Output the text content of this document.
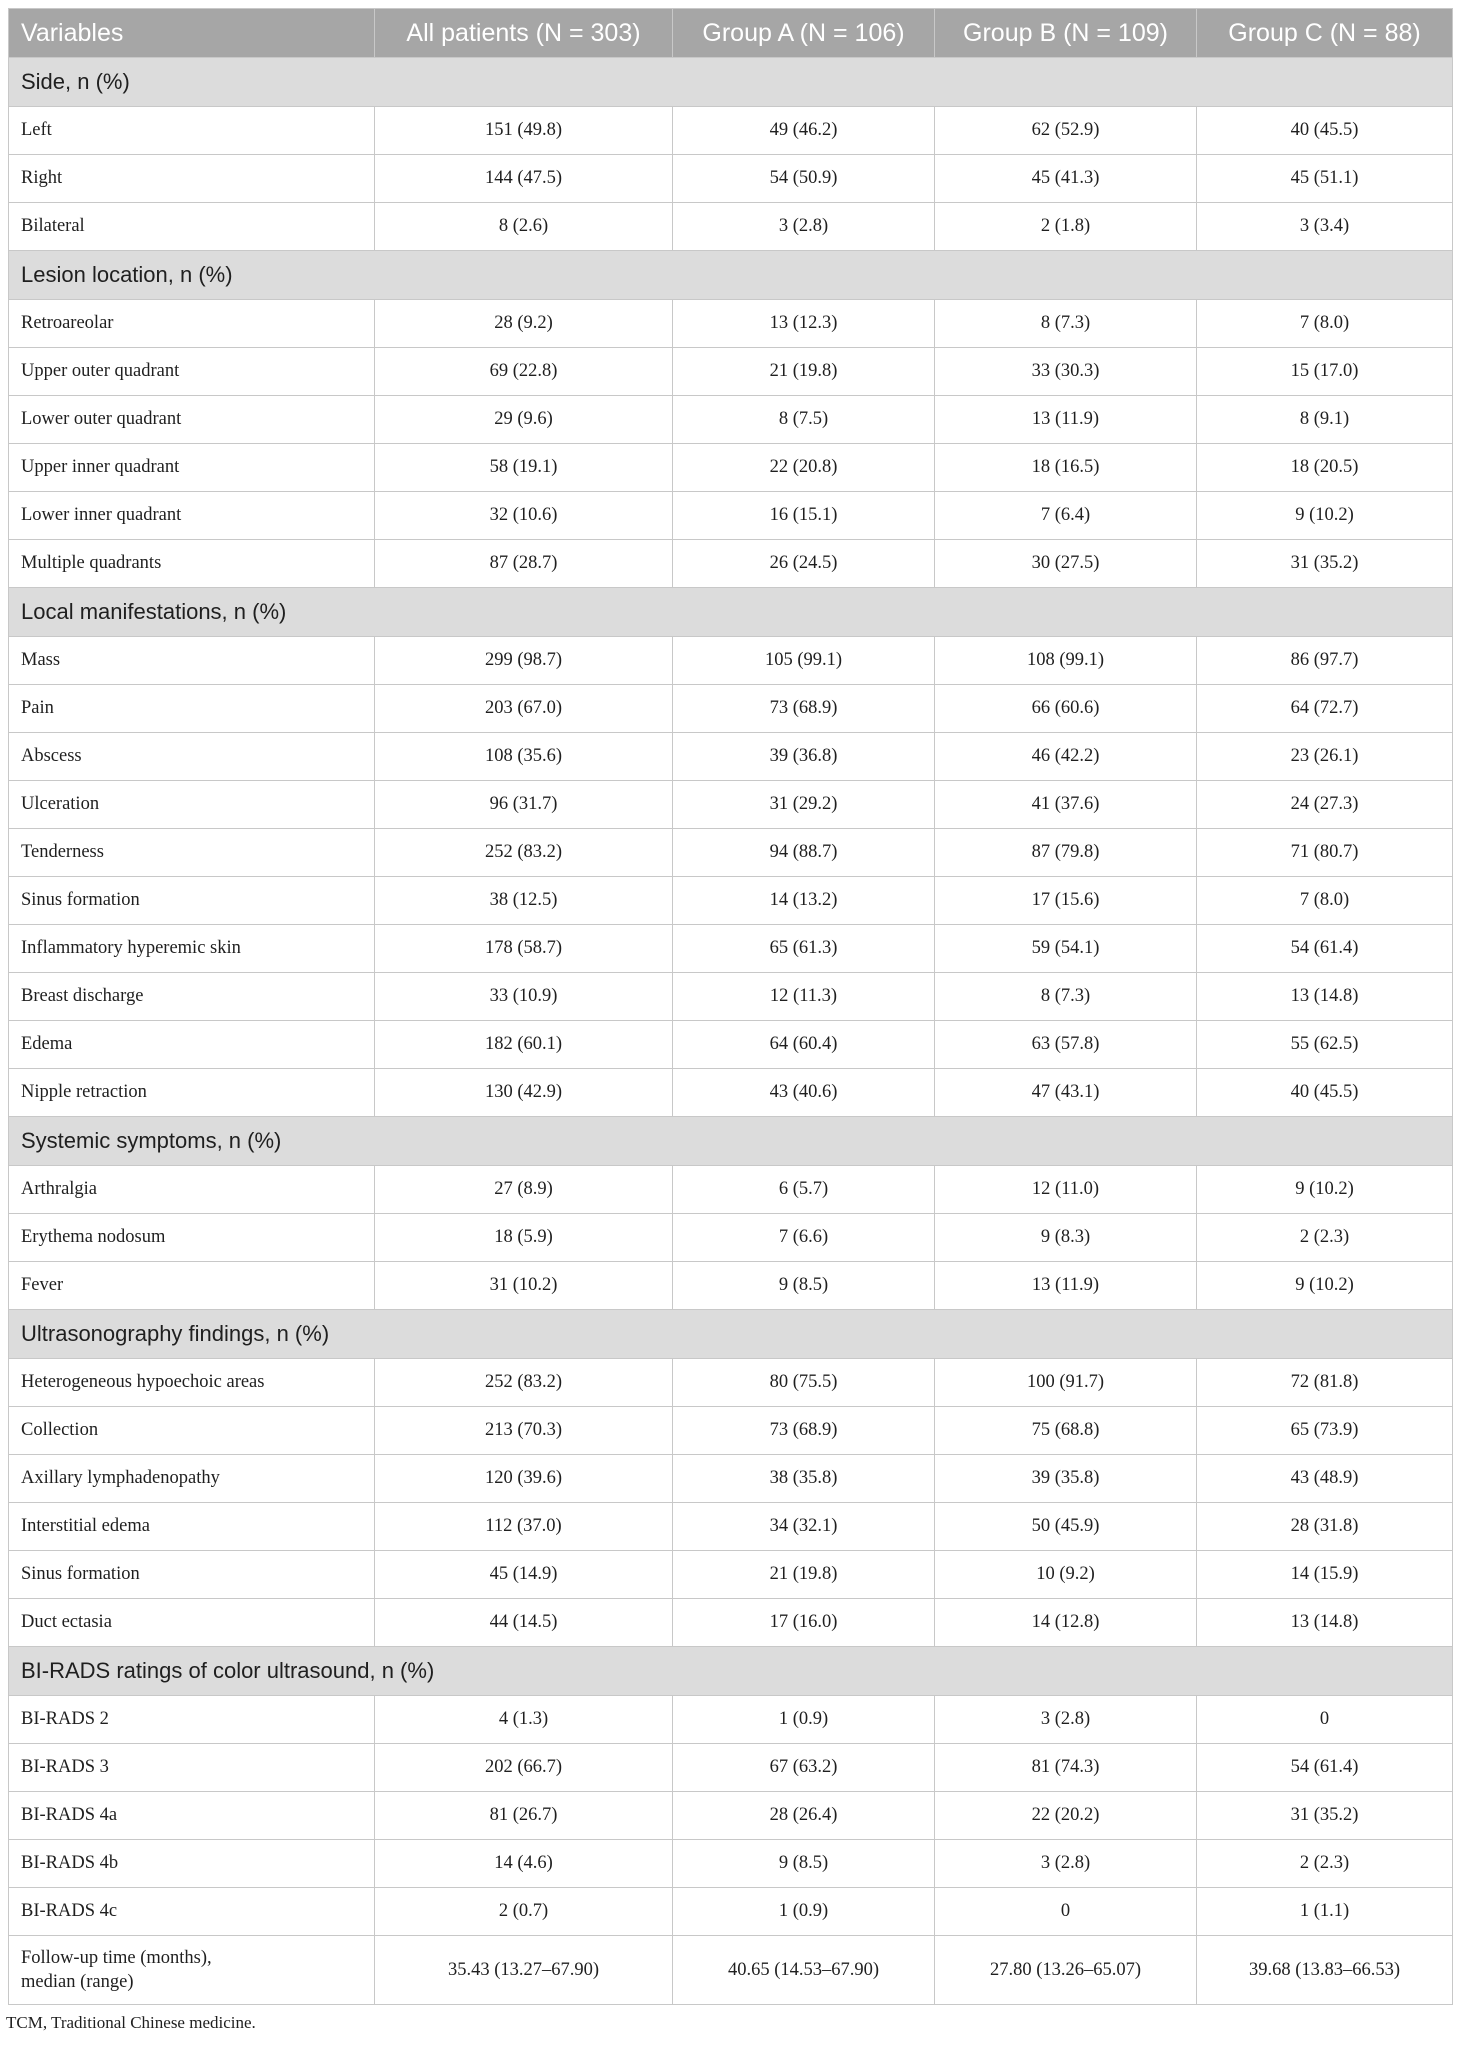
Variables	All patients (N = 303)	Group A (N = 106)	Group B (N = 109)	Group C (N = 88)
Side, n (%)				
Left	151 (49.8)	49 (46.2)	62 (52.9)	40 (45.5)
Right	144 (47.5)	54 (50.9)	45 (41.3)	45 (51.1)
Bilateral	8 (2.6)	3 (2.8)	2 (1.8)	3 (3.4)
Lesion location, n (%)				
Retroareolar	28 (9.2)	13 (12.3)	8 (7.3)	7 (8.0)
Upper outer quadrant	69 (22.8)	21 (19.8)	33 (30.3)	15 (17.0)
Lower outer quadrant	29 (9.6)	8 (7.5)	13 (11.9)	8 (9.1)
Upper inner quadrant	58 (19.1)	22 (20.8)	18 (16.5)	18 (20.5)
Lower inner quadrant	32 (10.6)	16 (15.1)	7 (6.4)	9 (10.2)
Multiple quadrants	87 (28.7)	26 (24.5)	30 (27.5)	31 (35.2)
Local manifestations, n (%)				
Mass	299 (98.7)	105 (99.1)	108 (99.1)	86 (97.7)
Pain	203 (67.0)	73 (68.9)	66 (60.6)	64 (72.7)
Abscess	108 (35.6)	39 (36.8)	46 (42.2)	23 (26.1)
Ulceration	96 (31.7)	31 (29.2)	41 (37.6)	24 (27.3)
Tenderness	252 (83.2)	94 (88.7)	87 (79.8)	71 (80.7)
Sinus formation	38 (12.5)	14 (13.2)	17 (15.6)	7 (8.0)
Inflammatory hyperemic skin	178 (58.7)	65 (61.3)	59 (54.1)	54 (61.4)
Breast discharge	33 (10.9)	12 (11.3)	8 (7.3)	13 (14.8)
Edema	182 (60.1)	64 (60.4)	63 (57.8)	55 (62.5)
Nipple retraction	130 (42.9)	43 (40.6)	47 (43.1)	40 (45.5)
Systemic symptoms, n (%)				
Arthralgia	27 (8.9)	6 (5.7)	12 (11.0)	9 (10.2)
Erythema nodosum	18 (5.9)	7 (6.6)	9 (8.3)	2 (2.3)
Fever	31 (10.2)	9 (8.5)	13 (11.9)	9 (10.2)
Ultrasonography findings, n (%)				
Heterogeneous hypoechoic areas	252 (83.2)	80 (75.5)	100 (91.7)	72 (81.8)
Collection	213 (70.3)	73 (68.9)	75 (68.8)	65 (73.9)
Axillary lymphadenopathy	120 (39.6)	38 (35.8)	39 (35.8)	43 (48.9)
Interstitial edema	112 (37.0)	34 (32.1)	50 (45.9)	28 (31.8)
Sinus formation	45 (14.9)	21 (19.8)	10 (9.2)	14 (15.9)
Duct ectasia	44 (14.5)	17 (16.0)	14 (12.8)	13 (14.8)
BI-RADS ratings of color ultrasound, n (%)				
BI-RADS 2	4 (1.3)	1 (0.9)	3 (2.8)	0
BI-RADS 3	202 (66.7)	67 (63.2)	81 (74.3)	54 (61.4)
BI-RADS 4a	81 (26.7)	28 (26.4)	22 (20.2)	31 (35.2)
BI-RADS 4b	14 (4.6)	9 (8.5)	3 (2.8)	2 (2.3)
BI-RADS 4c	2 (0.7)	1 (0.9)	0	1 (1.1)

Follow-up time (months),
median (range)	35.43 (13.27–67.90)	40.65 (14.53–67.90)	27.80 (13.26–65.07)	39.68 (13.83–66.53)
TCM, Traditional Chinese medicine.
